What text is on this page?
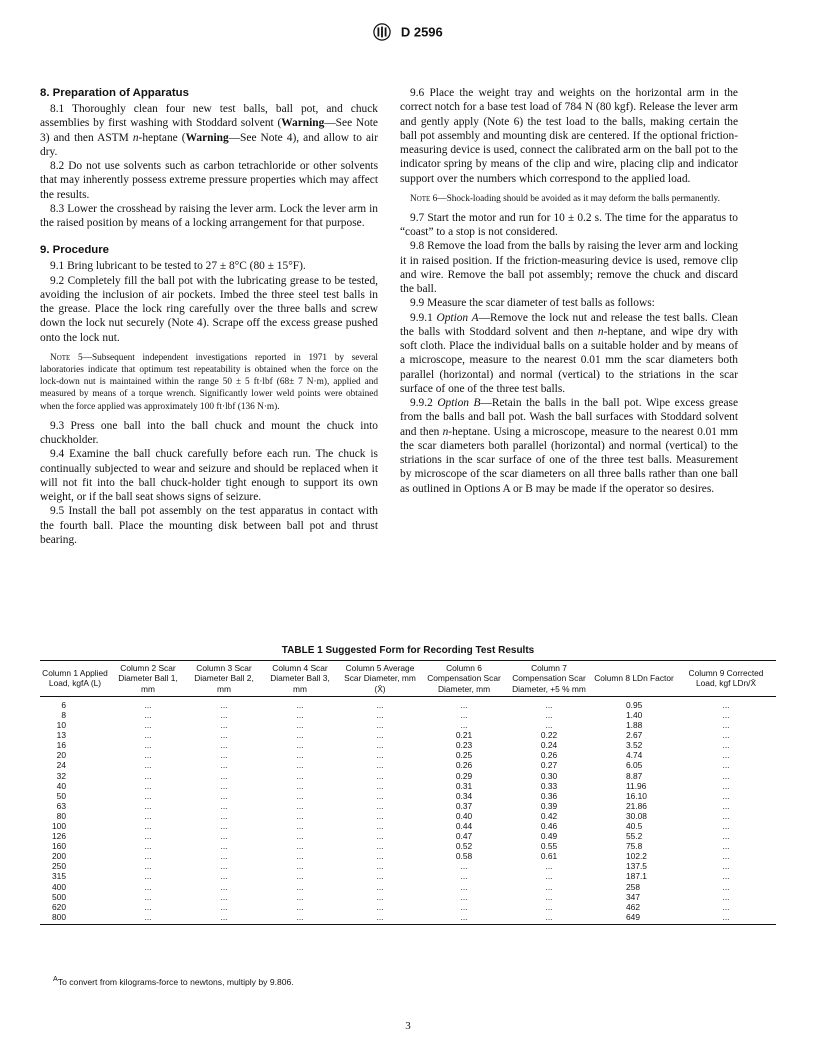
D 2596
8. Preparation of Apparatus

8.1 Thoroughly clean four new test balls, ball pot, and chuck assemblies by first washing with Stoddard solvent (Warning—See Note 3) and then ASTM n-heptane (Warning—See Note 4), and allow to air dry.

8.2 Do not use solvents such as carbon tetrachloride or other solvents that may inherently possess extreme pressure properties which may affect the results.

8.3 Lower the crosshead by raising the lever arm. Lock the lever arm in the raised position by means of a locking arrangement for that purpose.

9. Procedure

9.1 Bring lubricant to be tested to 27 ± 8°C (80 ± 15°F).

9.2 Completely fill the ball pot with the lubricating grease to be tested, avoiding the inclusion of air pockets. Imbed the three steel test balls in the grease. Place the lock ring carefully over the three balls and screw down the lock nut securely (Note 4). Scrape off the excess grease pushed onto the lock nut.

Note 5—Subsequent independent investigations reported in 1971 by several laboratories indicate that optimum test repeatability is obtained when the force on the lock-down nut is maintained within the range 50 ± 5 ft·lbf (68± 7 N·m), applied and measured by means of a torque wrench. Significantly lower weld points were obtained when the force applied was approximately 100 ft·lbf (136 N·m).

9.3 Press one ball into the ball chuck and mount the chuck into chuckholder.

9.4 Examine the ball chuck carefully before each run. The chuck is continually subjected to wear and seizure and should be replaced when it will not fit into the ball chuck-holder tight enough to support its own weight, or if the ball seat shows signs of seizure.

9.5 Install the ball pot assembly on the test apparatus in contact with the fourth ball. Place the mounting disk between ball pot and thrust bearing.

9.6 Place the weight tray and weights on the horizontal arm in the correct notch for a base test load of 784 N (80 kgf). Release the lever arm and gently apply (Note 6) the test load to the balls, making certain the ball pot assembly and mounting disk are centered. If the optional friction-measuring device is used, connect the calibrated arm on the ball pot to the indicator spring by means of the clip and wire, placing clip and indicator support over the numbers which correspond to the applied load.

Note 6—Shock-loading should be avoided as it may deform the balls permanently.

9.7 Start the motor and run for 10 ± 0.2 s. The time for the apparatus to “coast” to a stop is not considered.

9.8 Remove the load from the balls by raising the lever arm and locking it in raised position. If the friction-measuring device is used, remove clip and wire. Remove the ball pot assembly; remove the chuck and discard the ball.

9.9 Measure the scar diameter of test balls as follows:

9.9.1 Option A—Remove the lock nut and release the test balls. Clean the balls with Stoddard solvent and then n-heptane, and wipe dry with soft cloth. Place the individual balls on a suitable holder and by means of a microscope, measure to the nearest 0.01 mm the scar diameters both parallel (horizontal) and normal (vertical) to the striations in the scar surface of one of the three test balls.

9.9.2 Option B—Retain the balls in the ball pot. Wipe excess grease from the balls and ball pot. Wash the ball surfaces with Stoddard solvent and then n-heptane. Using a microscope, measure to the nearest 0.01 mm the scar diameters both parallel (horizontal) and normal (vertical) to the striations in the scar surface of one of the three test balls. Measurement by microscope of the scar diameters on all three balls rather than one ball as outlined in Options A or B may be made if the operator so desires.

TABLE 1 Suggested Form for Recording Test Results
Column 1 Applied Load, kgfA (L)	Column 2 Scar Diameter Ball 1, mm	Column 3 Scar Diameter Ball 2, mm	Column 4 Scar Diameter Ball 3, mm	Column 5 Average Scar Diameter, mm (X̄)	Column 6 Compensation Scar Diameter, mm	Column 7 Compensation Scar Diameter, +5 % mm	Column 8 LDn Factor	Column 9 Corrected Load, kgf LDn/X̄
6	...	...	...	...	...	...	0.95	...
8	...	...	...	...	...	...	1.40	...
10	...	...	...	...	...	...	1.88	...
13	...	...	...	...	0.21	0.22	2.67	...
16	...	...	...	...	0.23	0.24	3.52	...
20	...	...	...	...	0.25	0.26	4.74	...
24	...	...	...	...	0.26	0.27	6.05	...
32	...	...	...	...	0.29	0.30	8.87	...
40	...	...	...	...	0.31	0.33	11.96	...
50	...	...	...	...	0.34	0.36	16.10	...
63	...	...	...	...	0.37	0.39	21.86	...
80	...	...	...	...	0.40	0.42	30.08	...
100	...	...	...	...	0.44	0.46	40.5	...
126	...	...	...	...	0.47	0.49	55.2	...
160	...	...	...	...	0.52	0.55	75.8	...
200	...	...	...	...	0.58	0.61	102.2	...
250	...	...	...	...	...	...	137.5	...
315	...	...	...	...	...	...	187.1	...
400	...	...	...	...	...	...	258	...
500	...	...	...	...	...	...	347	...
620	...	...	...	...	...	...	462	...
800	...	...	...	...	...	...	649	...
$^A$To convert from kilograms-force to newtons, multiply by 9.806.
3
